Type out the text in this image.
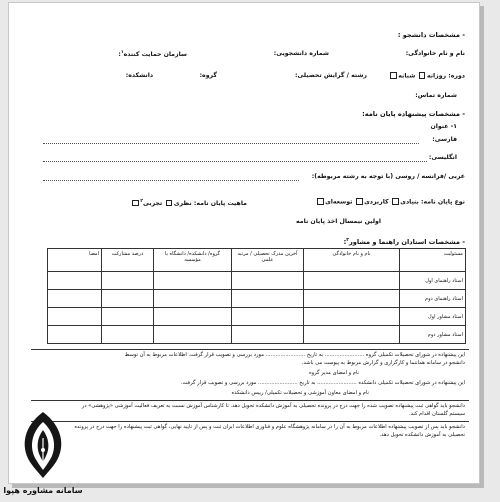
- مشخصات دانشجو :
نام و نام خانوادگی:
شماره دانشجویی:
سازمان حمایت کننده$^۱$:
دوره: روزانه شبانه
رشته / گرایش تحصیلی:
گروه:
دانشکده:
شماره تماس:
- مشخصات پیشنهاده پایان نامه:
۱- عنوان
فارسی:
انگلیسی:
عربی /فرانسه / روسی (با توجه به رشته مربوطه):
نوع پایان نامه: بنیادی کاربردی توسعه‌ای
ماهیت پایان نامه: نظری تجربی$^۲$
اولین نیمسال اخذ پایان نامه
- مشخصات استادان راهنما و مشاور$^۳$:
مسئولیت	نام و نام خانوادگی	آخرین مدرک تحصیلی / مرتبه علمی	گروه/ دانشکده/ دانشگاه یا مؤسسه	درصد مشارکت	امضا
استاد راهنمای اول					
استاد راهنمای دوم					
استاد مشاور اول					
استاد مشاور دوم					
این پیشنهاده در شورای تحصیلات تکمیلی گروه ........................ به تاریخ ........................ مورد بررسی و تصویب قرار گرفت. اطلاعات مربوط به آن توسط
دانشجو در سامانه هماننما و کارگزاری و گزارش مربوط به پیوست می باشد.
نام و امضای مدیر گروه
این پیشنهاده در شورای تحصیلات تکمیلی دانشکده ........................ به تاریخ ........................ مورد بررسی و تصویب قرار گرفت.
نام و امضای معاون آموزشی و تحصیلات تکمیلی/ رییس دانشکده
دانشجو باید گواهی ثبت پیشنهاده تصویب شده را جهت درج در پرونده تحصیلی به آموزش دانشکده تحویل دهد. تا کارشناس آموزش نسبت به تعریف فعالیت آموزشی «پژوهشی» در
سیستم گلستان اقدام کند.
دانشجو باید پس از تصویب پیشنهاده اطلاعات مربوط به آن را در سامانه پژوهشگاه علوم و فناوری اطلاعات ایران ثبت و پس از تایید نهایی، گواهی ثبت پیشنهاده را جهت درج در پرونده
تحصیلی به آموزش دانشکده تحویل دهد.
سامانه مشاوره هپوا
